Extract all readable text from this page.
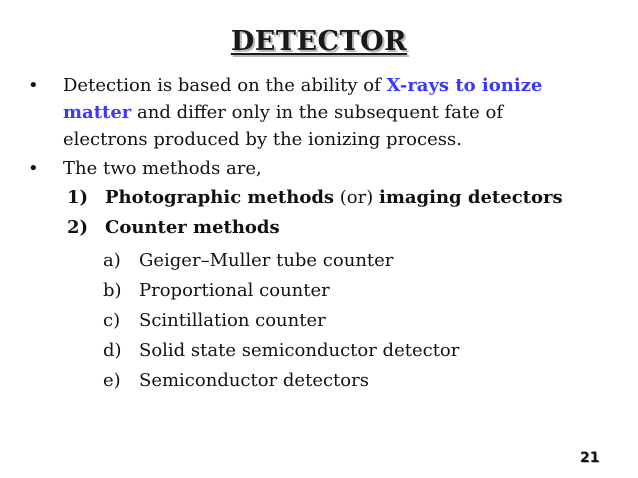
DETECTOR
• Detection is based on the ability of X-rays to ionize
matter and differ only in the subsequent fate of
electrons produced by the ionizing process.
• The two methods are,
1) Photographic methods (or) imaging detectors
2) Counter methods
a) Geiger–Muller tube counter
b) Proportional counter
c) Scintillation counter
d) Solid state semiconductor detector
e) Semiconductor detectors
21
